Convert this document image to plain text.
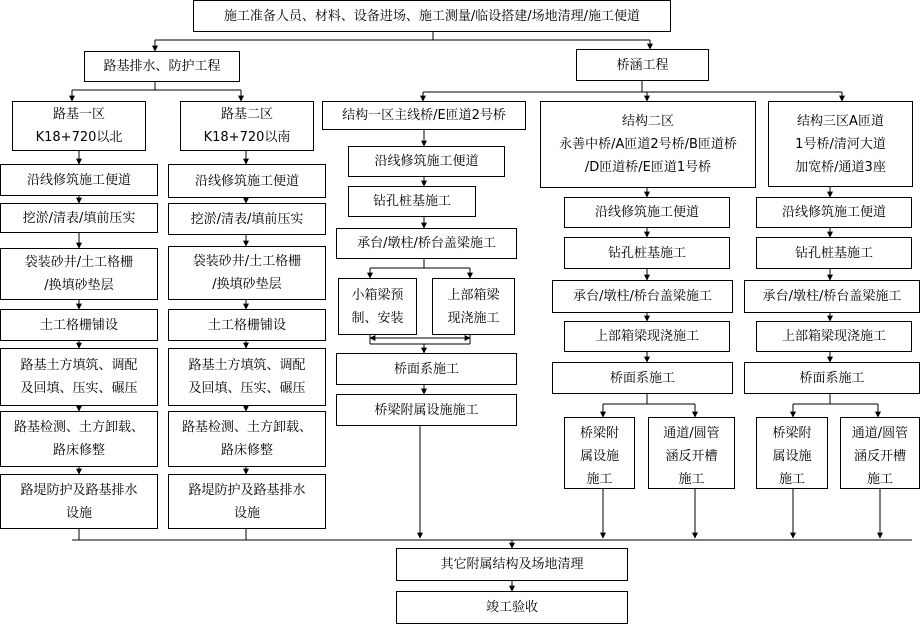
施工准备人员、材料、设备进场、施工测量/临设搭建/场地清理/施工便道
路基排水、防护工程	桥涵工程
路基一区
K18+720以北
沿线修筑施工便道
挖淤/清表/填前压实
袋装砂井/土工格栅
/换填砂垫层
土工格栅铺设
路基土方填筑、调配
及回填、压实、碾压
路基检测、土方卸载、
路床修整
路堤防护及路基排水
设施
路基二区
K18+720以南
沿线修筑施工便道
挖淤/清表/填前压实
袋装砂井/土工格栅
/换填砂垫层
土工格栅铺设
路基土方填筑、调配
及回填、压实、碾压
路基检测、土方卸载、
路床修整
路堤防护及路基排水
设施
结构一区主线桥/E匝道2号桥
沿线修筑施工便道
钻孔桩基施工
承台/墩柱/桥台盖梁施工
小箱梁预
制、安装
上部箱梁
现浇施工
桥面系施工
桥梁附属设施施工
结构二区
永善中桥/A匝道2号桥/B匝道桥
/D匝道桥/E匝道1号桥
沿线修筑施工便道
钻孔桩基施工
承台/墩柱/桥台盖梁施工
上部箱梁现浇施工
桥面系施工
桥梁附
属设施
施工
通道/圆管
涵反开槽
施工
结构三区A匝道
1号桥/清河大道
加宽桥/通道3座
沿线修筑施工便道
钻孔桩基施工
承台/墩柱/桥台盖梁施工
上部箱梁现浇施工
桥面系施工
桥梁附
属设施
施工
通道/圆管
涵反开槽
施工
其它附属结构及场地清理
竣工验收
